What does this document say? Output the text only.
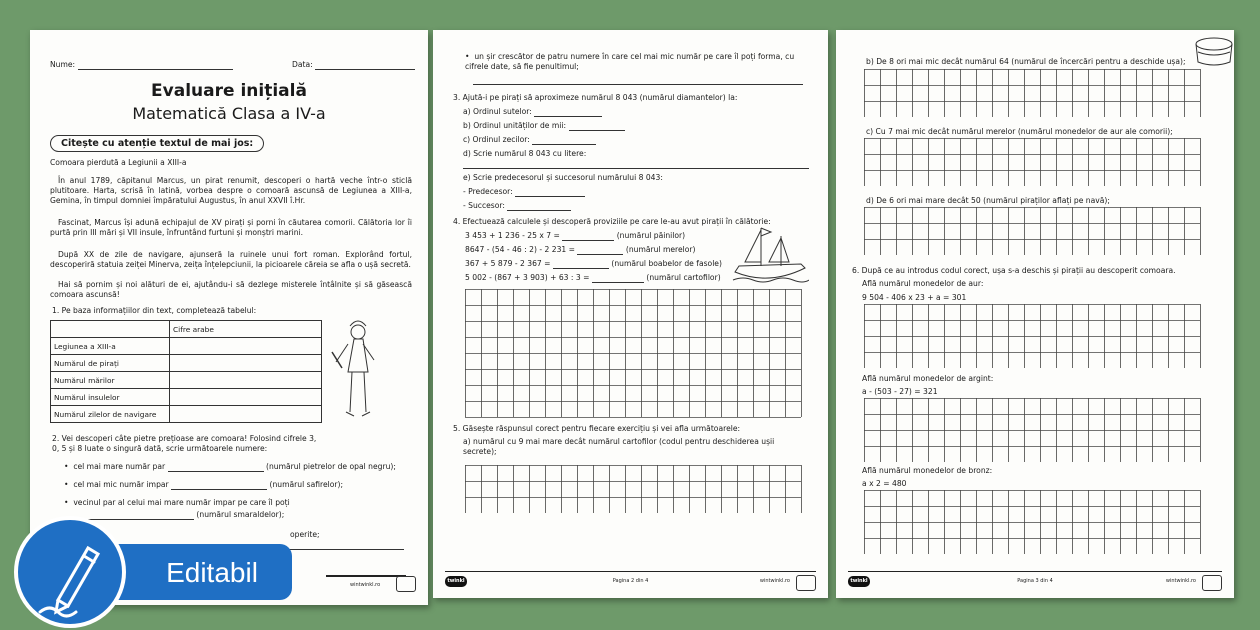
Nume:	Data:
Evaluare inițială
Matematică Clasa a IV-a
Citește cu atenție textul de mai jos:
Comoara pierdută a Legiunii a XIII-a
În anul 1789, căpitanul Marcus, un pirat renumit, descoperi o hartă veche într-o sticlă plutitoare. Harta, scrisă în latină, vorbea despre o comoară ascunsă de Legiunea a XIII-a, Gemina, în timpul domniei împăratului Augustus, în anul XXVII î.Hr.
Fascinat, Marcus își adună echipajul de XV pirați și porni în căutarea comorii. Călătoria lor îi purtă prin III mări și VII insule, înfruntând furtuni și monștri marini.
După XX de zile de navigare, ajunseră la ruinele unui fort roman. Explorând fortul, descoperiră statuia zeiței Minerva, zeița înțelepciunii, la picioarele căreia se afla o ușă secretă.
Hai să pornim și noi alături de ei, ajutându-i să dezlege misterele întâlnite și să găsească comoara ascunsă!
1. Pe baza informațiilor din text, completează tabelul:
	Cifre arabe
Legiunea a XIII-a	
Numărul de pirați	
Numărul mărilor	
Numărul insulelor	
Numărul zilelor de navigare	
2. Vei descoperi câte pietre prețioase are comoara! Folosind cifrele 3, 0, 5 și 8 luate o singură dată, scrie următoarele numere:
•  cel mai mare număr par	(numărul pietrelor de opal negru);
•  cel mai mic număr impar	(numărul safirelor);
•  vecinul par al celui mai mare număr impar pe care îl poți
(numărul smaraldelor);
operite;
wintwinkl.ro
•  un șir crescător de patru numere în care cel mai mic număr pe care îl poți forma, cu cifrele date, să fie penultimul;
3. Ajută-i pe pirați să aproximeze numărul 8 043 (numărul diamantelor) la:
a) Ordinul sutelor:
b) Ordinul unităților de mii:
c) Ordinul zecilor:
d) Scrie numărul 8 043 cu litere:
e) Scrie predecesorul și succesorul numărului 8 043:
- Predecesor:
- Succesor:
4. Efectuează calculele și descoperă proviziile pe care le-au avut pirații în călătorie:
3 453 + 1 236 - 25 x 7 =	(numărul păinilor)
8647 - (54 - 46 : 2) - 2 231 =	(numărul merelor)
367 + 5 879 - 2 367 =	(numărul boabelor de fasole)
5 002 - (867 + 3 903) + 63 : 3 =	(numărul cartofilor)
5. Găsește răspunsul corect pentru fiecare exercițiu și vei afla următoarele:
a) numărul cu 9 mai mare decât numărul cartofilor (codul pentru deschiderea ușii secrete);
twinkl	Pagina 2 din 4	wintwinkl.ro
b) De 8 ori mai mic decât numărul 64 (numărul de încercări pentru a deschide ușa);
c) Cu 7 mai mic decât numărul merelor (numărul monedelor de aur ale comorii);
d) De 6 ori mai mare decât 50 (numărul piraților aflați pe navă);
6. După ce au introdus codul corect, ușa s-a deschis și pirații au descoperit comoara.
Află numărul monedelor de aur:
9 504 - 406 x 23 + a = 301
Află numărul monedelor de argint:
a - (503 - 27) = 321
Află numărul monedelor de bronz:
a x 2 = 480
twinkl	Pagina 3 din 4	wintwinkl.ro
Editabil
